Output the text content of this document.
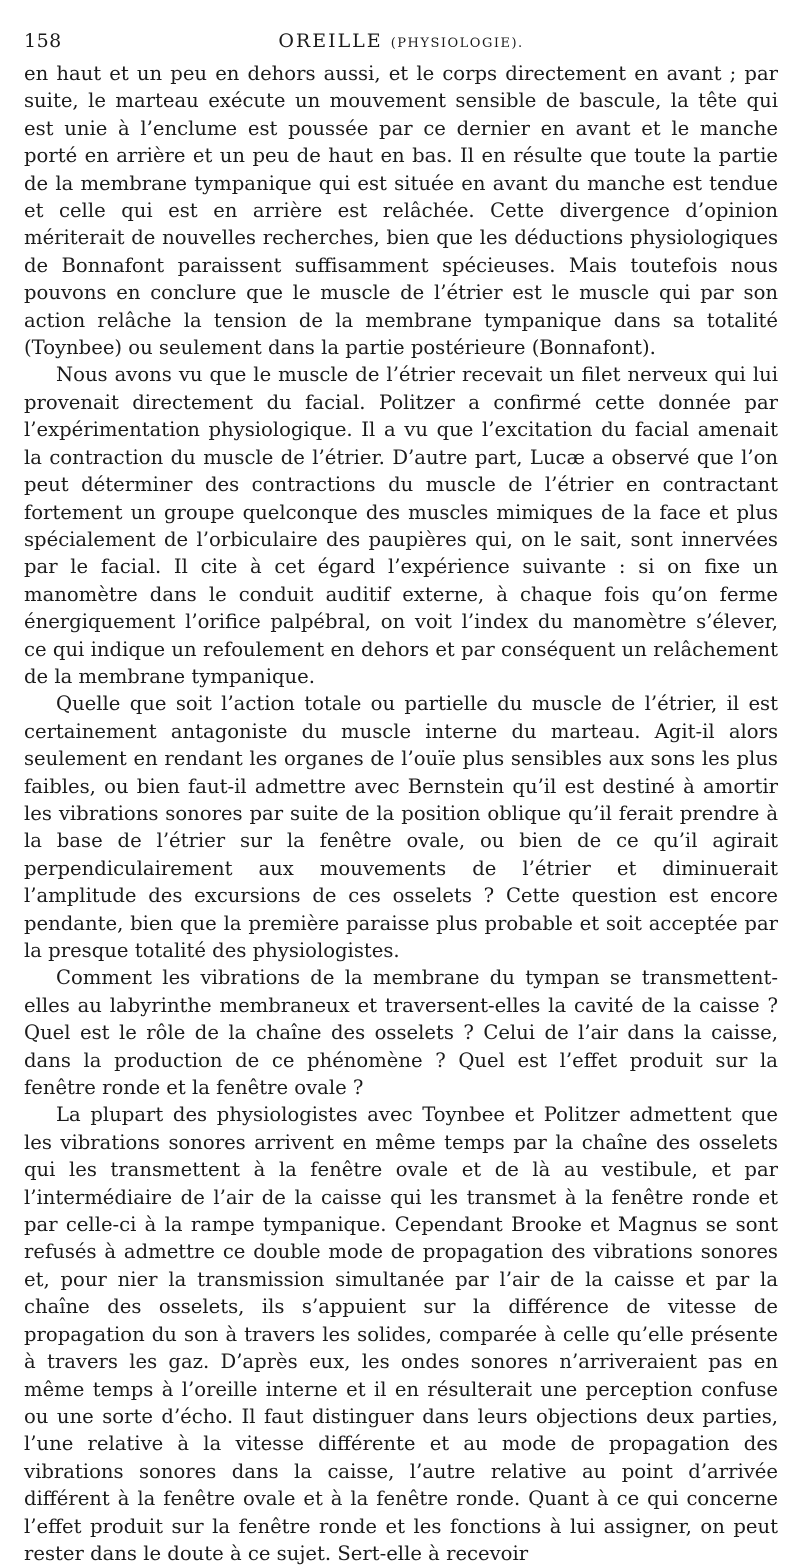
158	OREILLE (PHYSIOLOGIE).

en haut et un peu en dehors aussi, et le corps directement en avant ; par suite, le marteau exécute un mouvement sensible de bascule, la tête qui est unie à l’enclume est poussée par ce dernier en avant et le manche porté en arrière et un peu de haut en bas. Il en résulte que toute la partie de la membrane tympanique qui est située en avant du manche est tendue et celle qui est en arrière est relâchée. Cette divergence d’opinion mériterait de nouvelles recherches, bien que les déductions physiologiques de Bonnafont paraissent suffisamment spécieuses. Mais toutefois nous pouvons en conclure que le muscle de l’étrier est le muscle qui par son action relâche la tension de la membrane tympanique dans sa totalité (Toynbee) ou seulement dans la partie postérieure (Bonnafont).

Nous avons vu que le muscle de l’étrier recevait un filet nerveux qui lui provenait directement du facial. Politzer a confirmé cette donnée par l’expérimentation physiologique. Il a vu que l’excitation du facial amenait la contraction du muscle de l’étrier. D’autre part, Lucæ a observé que l’on peut déterminer des contractions du muscle de l’étrier en contractant fortement un groupe quelconque des muscles mimiques de la face et plus spécialement de l’orbiculaire des paupières qui, on le sait, sont innervées par le facial. Il cite à cet égard l’expérience suivante : si on fixe un manomètre dans le conduit auditif externe, à chaque fois qu’on ferme énergiquement l’orifice palpébral, on voit l’index du manomètre s’élever, ce qui indique un refoulement en dehors et par conséquent un relâchement de la membrane tympanique.

Quelle que soit l’action totale ou partielle du muscle de l’étrier, il est certainement antagoniste du muscle interne du marteau. Agit-il alors seulement en rendant les organes de l’ouïe plus sensibles aux sons les plus faibles, ou bien faut-il admettre avec Bernstein qu’il est destiné à amortir les vibrations sonores par suite de la position oblique qu’il ferait prendre à la base de l’étrier sur la fenêtre ovale, ou bien de ce qu’il agirait perpendiculairement aux mouvements de l’étrier et diminuerait l’amplitude des excursions de ces osselets ? Cette question est encore pendante, bien que la première paraisse plus probable et soit acceptée par la presque totalité des physiologistes.

Comment les vibrations de la membrane du tympan se transmettent-elles au labyrinthe membraneux et traversent-elles la cavité de la caisse ? Quel est le rôle de la chaîne des osselets ? Celui de l’air dans la caisse, dans la production de ce phénomène ? Quel est l’effet produit sur la fenêtre ronde et la fenêtre ovale ?

La plupart des physiologistes avec Toynbee et Politzer admettent que les vibrations sonores arrivent en même temps par la chaîne des osselets qui les transmettent à la fenêtre ovale et de là au vestibule, et par l’intermédiaire de l’air de la caisse qui les transmet à la fenêtre ronde et par celle-ci à la rampe tympanique. Cependant Brooke et Magnus se sont refusés à admettre ce double mode de propagation des vibrations sonores et, pour nier la transmission simultanée par l’air de la caisse et par la chaîne des osselets, ils s’appuient sur la différence de vitesse de propagation du son à travers les solides, comparée à celle qu’elle présente à travers les gaz. D’après eux, les ondes sonores n’arriveraient pas en même temps à l’oreille interne et il en résulterait une perception confuse ou une sorte d’écho. Il faut distinguer dans leurs objections deux parties, l’une relative à la vitesse différente et au mode de propagation des vibrations sonores dans la caisse, l’autre relative au point d’arrivée différent à la fenêtre ovale et à la fenêtre ronde. Quant à ce qui concerne l’effet produit sur la fenêtre ronde et les fonctions à lui assigner, on peut rester dans le doute à ce sujet. Sert-elle à recevoir
